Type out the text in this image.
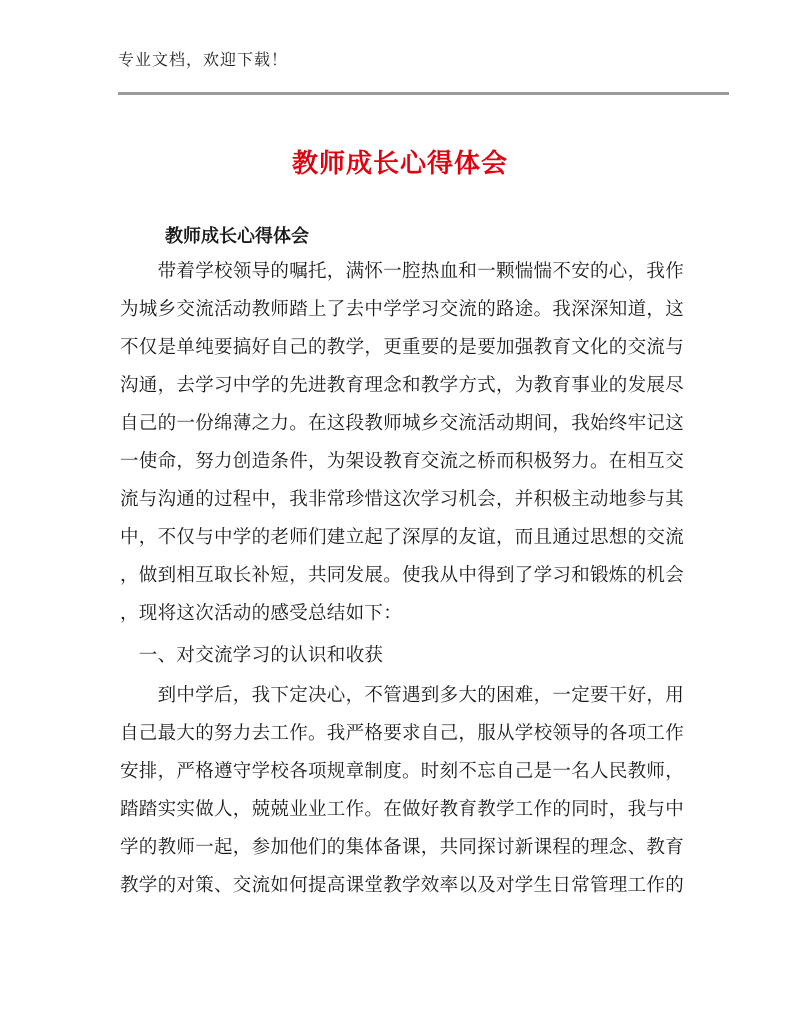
专业文档，欢迎下载！
教师成长心得体会
教师成长心得体会
　　带着学校领导的嘱托，满怀一腔热血和一颗惴惴不安的心，我作
为城乡交流活动教师踏上了去中学学习交流的路途。我深深知道，这
不仅是单纯要搞好自己的教学，更重要的是要加强教育文化的交流与
沟通，去学习中学的先进教育理念和教学方式，为教育事业的发展尽
自己的一份绵薄之力。在这段教师城乡交流活动期间，我始终牢记这
一使命，努力创造条件，为架设教育交流之桥而积极努力。在相互交
流与沟通的过程中，我非常珍惜这次学习机会，并积极主动地参与其
中，不仅与中学的老师们建立起了深厚的友谊，而且通过思想的交流
，做到相互取长补短，共同发展。使我从中得到了学习和锻炼的机会
，现将这次活动的感受总结如下：
　一、对交流学习的认识和收获
　　到中学后，我下定决心，不管遇到多大的困难，一定要干好，用
自己最大的努力去工作。我严格要求自己，服从学校领导的各项工作
安排，严格遵守学校各项规章制度。时刻不忘自己是一名人民教师，
踏踏实实做人，兢兢业业工作。在做好教育教学工作的同时，我与中
学的教师一起，参加他们的集体备课，共同探讨新课程的理念、教育
教学的对策、交流如何提高课堂教学效率以及对学生日常管理工作的
